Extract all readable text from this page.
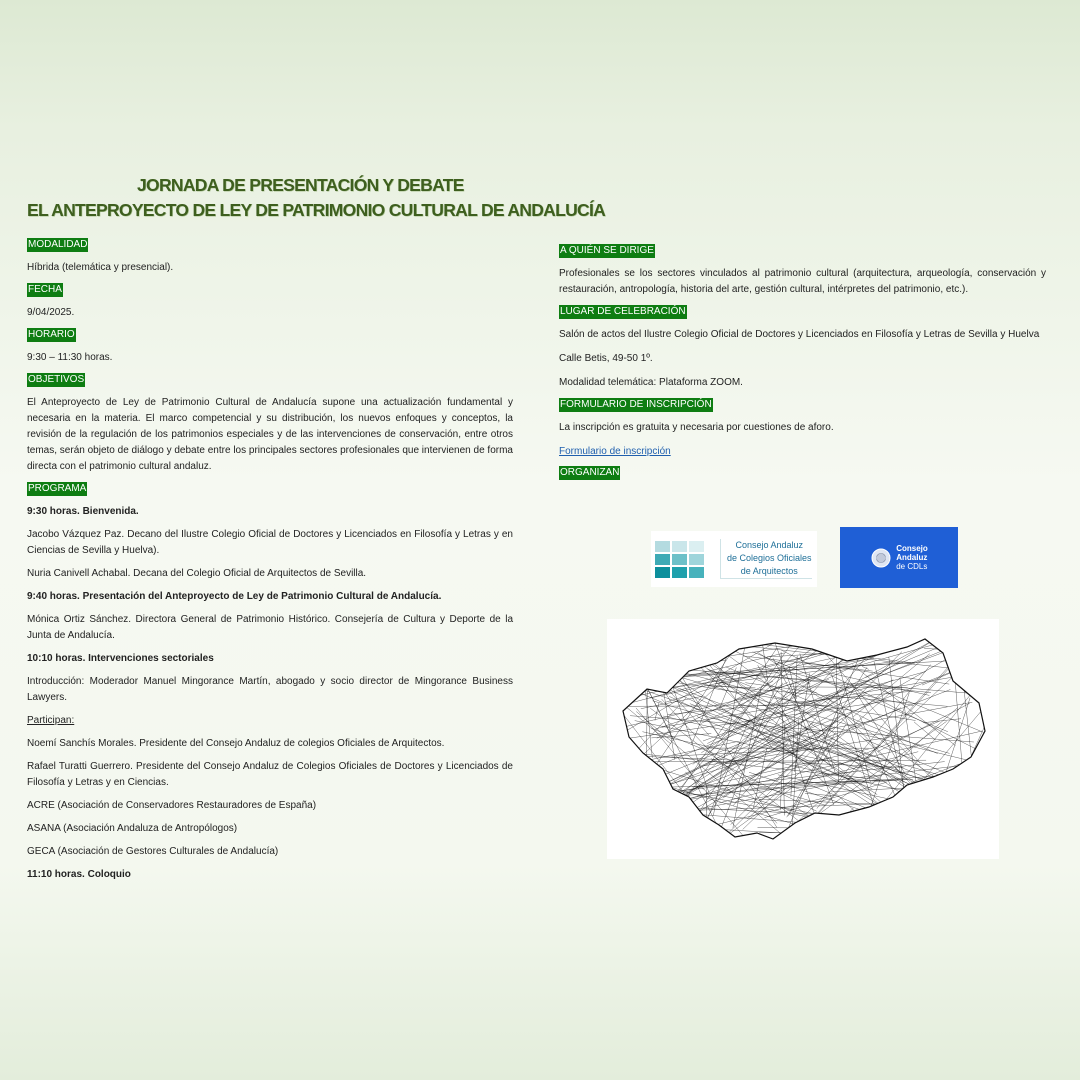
JORNADA DE PRESENTACIÓN Y DEBATE

EL ANTEPROYECTO DE LEY DE PATRIMONIO CULTURAL DE ANDALUCÍA

MODALIDAD

Híbrida (telemática y presencial).

FECHA

9/04/2025.

HORARIO

9:30 – 11:30 horas.

OBJETIVOS

El Anteproyecto de Ley de Patrimonio Cultural de Andalucía supone una actualización fundamental y necesaria en la materia. El marco competencial y su distribución, los nuevos enfoques y conceptos, la revisión de la regulación de los patrimonios especiales y de las intervenciones de conservación, entre otros temas, serán objeto de diálogo y debate entre los principales sectores profesionales que intervienen de forma directa con el patrimonio cultural andaluz.

PROGRAMA

9:30 horas. Bienvenida.

Jacobo Vázquez Paz. Decano del Ilustre Colegio Oficial de Doctores y Licenciados en Filosofía y Letras y en Ciencias de Sevilla y Huelva).

Nuria Canivell Achabal. Decana del Colegio Oficial de Arquitectos de Sevilla.

9:40 horas. Presentación del Anteproyecto de Ley de Patrimonio Cultural de Andalucía.

Mónica Ortiz Sánchez. Directora General de Patrimonio Histórico. Consejería de Cultura y Deporte de la Junta de Andalucía.

10:10 horas. Intervenciones sectoriales

Introducción: Moderador Manuel Mingorance Martín, abogado y socio director de Mingorance Business Lawyers.

Participan:

Noemí Sanchís Morales. Presidente del Consejo Andaluz de colegios Oficiales de Arquitectos.

Rafael Turatti Guerrero. Presidente del Consejo Andaluz de Colegios Oficiales de Doctores y Licenciados de Filosofía y Letras y en Ciencias.

ACRE (Asociación de Conservadores Restauradores de España)

ASANA (Asociación Andaluza de Antropólogos)

GECA (Asociación de Gestores Culturales de Andalucía)

11:10 horas. Coloquio

A QUIÉN SE DIRIGE

Profesionales se los sectores vinculados al patrimonio cultural (arquitectura, arqueología, conservación y restauración, antropología, historia del arte, gestión cultural, intérpretes del patrimonio, etc.).

LUGAR DE CELEBRACIÓN

Salón de actos del Ilustre Colegio Oficial de Doctores y Licenciados en Filosofía y Letras de Sevilla y Huelva

Calle Betis, 49-50 1º.

Modalidad telemática: Plataforma ZOOM.

FORMULARIO DE INSCRIPCIÓN

La inscripción es gratuita y necesaria por cuestiones de aforo.

Formulario de inscripción

ORGANIZAN
Consejo Andaluz
de Colegios Oficiales
de Arquitectos
Consejo
Andaluz
de CDLs
